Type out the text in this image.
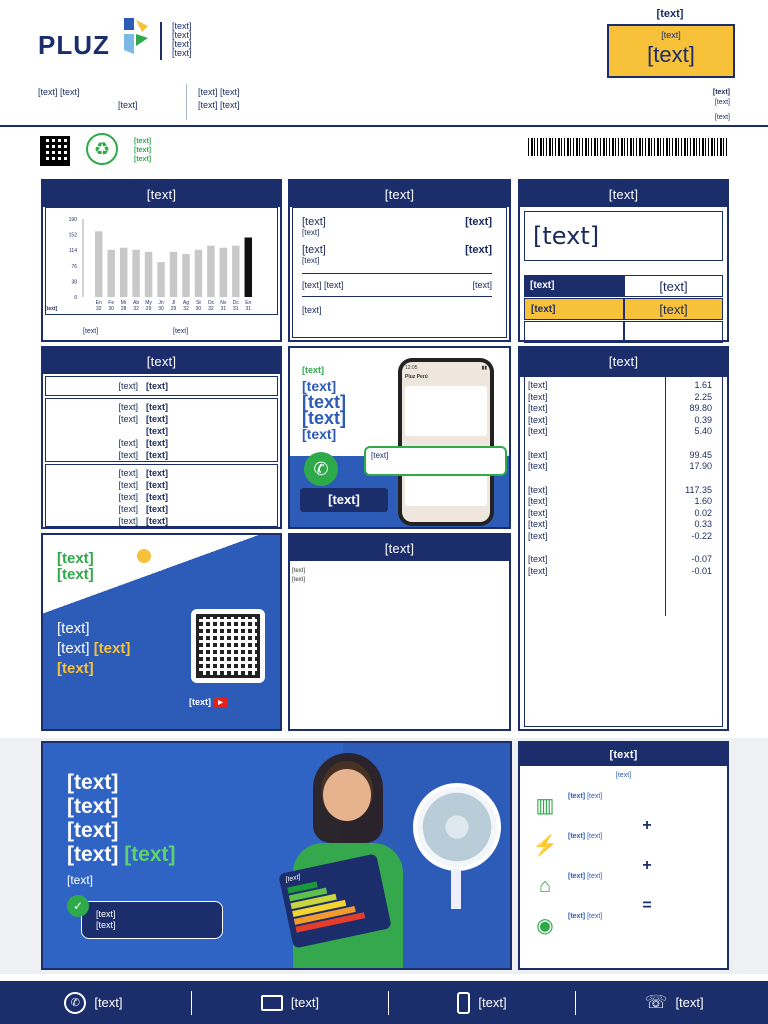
PLUZ
[text]
[text]
[text]
[text]
[text]
[text]
[text]
[text] [text]
[text]
[text] [text]
[text] [text]
[text]
[text]
[text]
♻	[text]
[text]
[text]
[text]
190
152
114
76
38
0
En
32
Fe
30
Mr
28
Ab
32
My
29
Jn
30
Jl
29
Ag
32
St
30
Oc
32
Nv
31
Dc
31
En
31
[text]
[text]	[text]
[text]
[text]	[text]
[text]
[text]	[text]
[text]
[text] [text]	[text]
[text]
[text]
[text]
[text]	[text]
[text]	[text]
[text]
[text] [text]
[text] [text]
[text] [text]
[text]
[text] [text]
[text] [text]
[text] [text]
[text] [text]
[text] [text]
[text] [text]
[text] [text]
[text]
[text]
[text]
[text]
[text]
✆
[text]
12:05	▮▮
Pluz Perú
[text]
[text]
[text]	1.61
[text]	2.25
[text]	89.80
[text]	0.39
[text]	5.40
[text]	99.45
[text]	17.90
[text]	117.35
[text]	1.60
[text]	0.02
[text]	0.33
[text]	-0.22
[text]	-0.07
[text]	-0.01
[text]
[text]
[text]
[text] [text]
[text]
[text] ▶
[text]
[text]
[text]
[text]
[text]
[text]
[text] [text]
[text]
[text]
[text]
✓
[text]
[text]
[text]
▥	[text] [text]
+
⚡ [text] [text]
+
⌂	[text] [text]
=
◉	[text] [text]
✆	[text]	[text]	[text]	☏ [text]
